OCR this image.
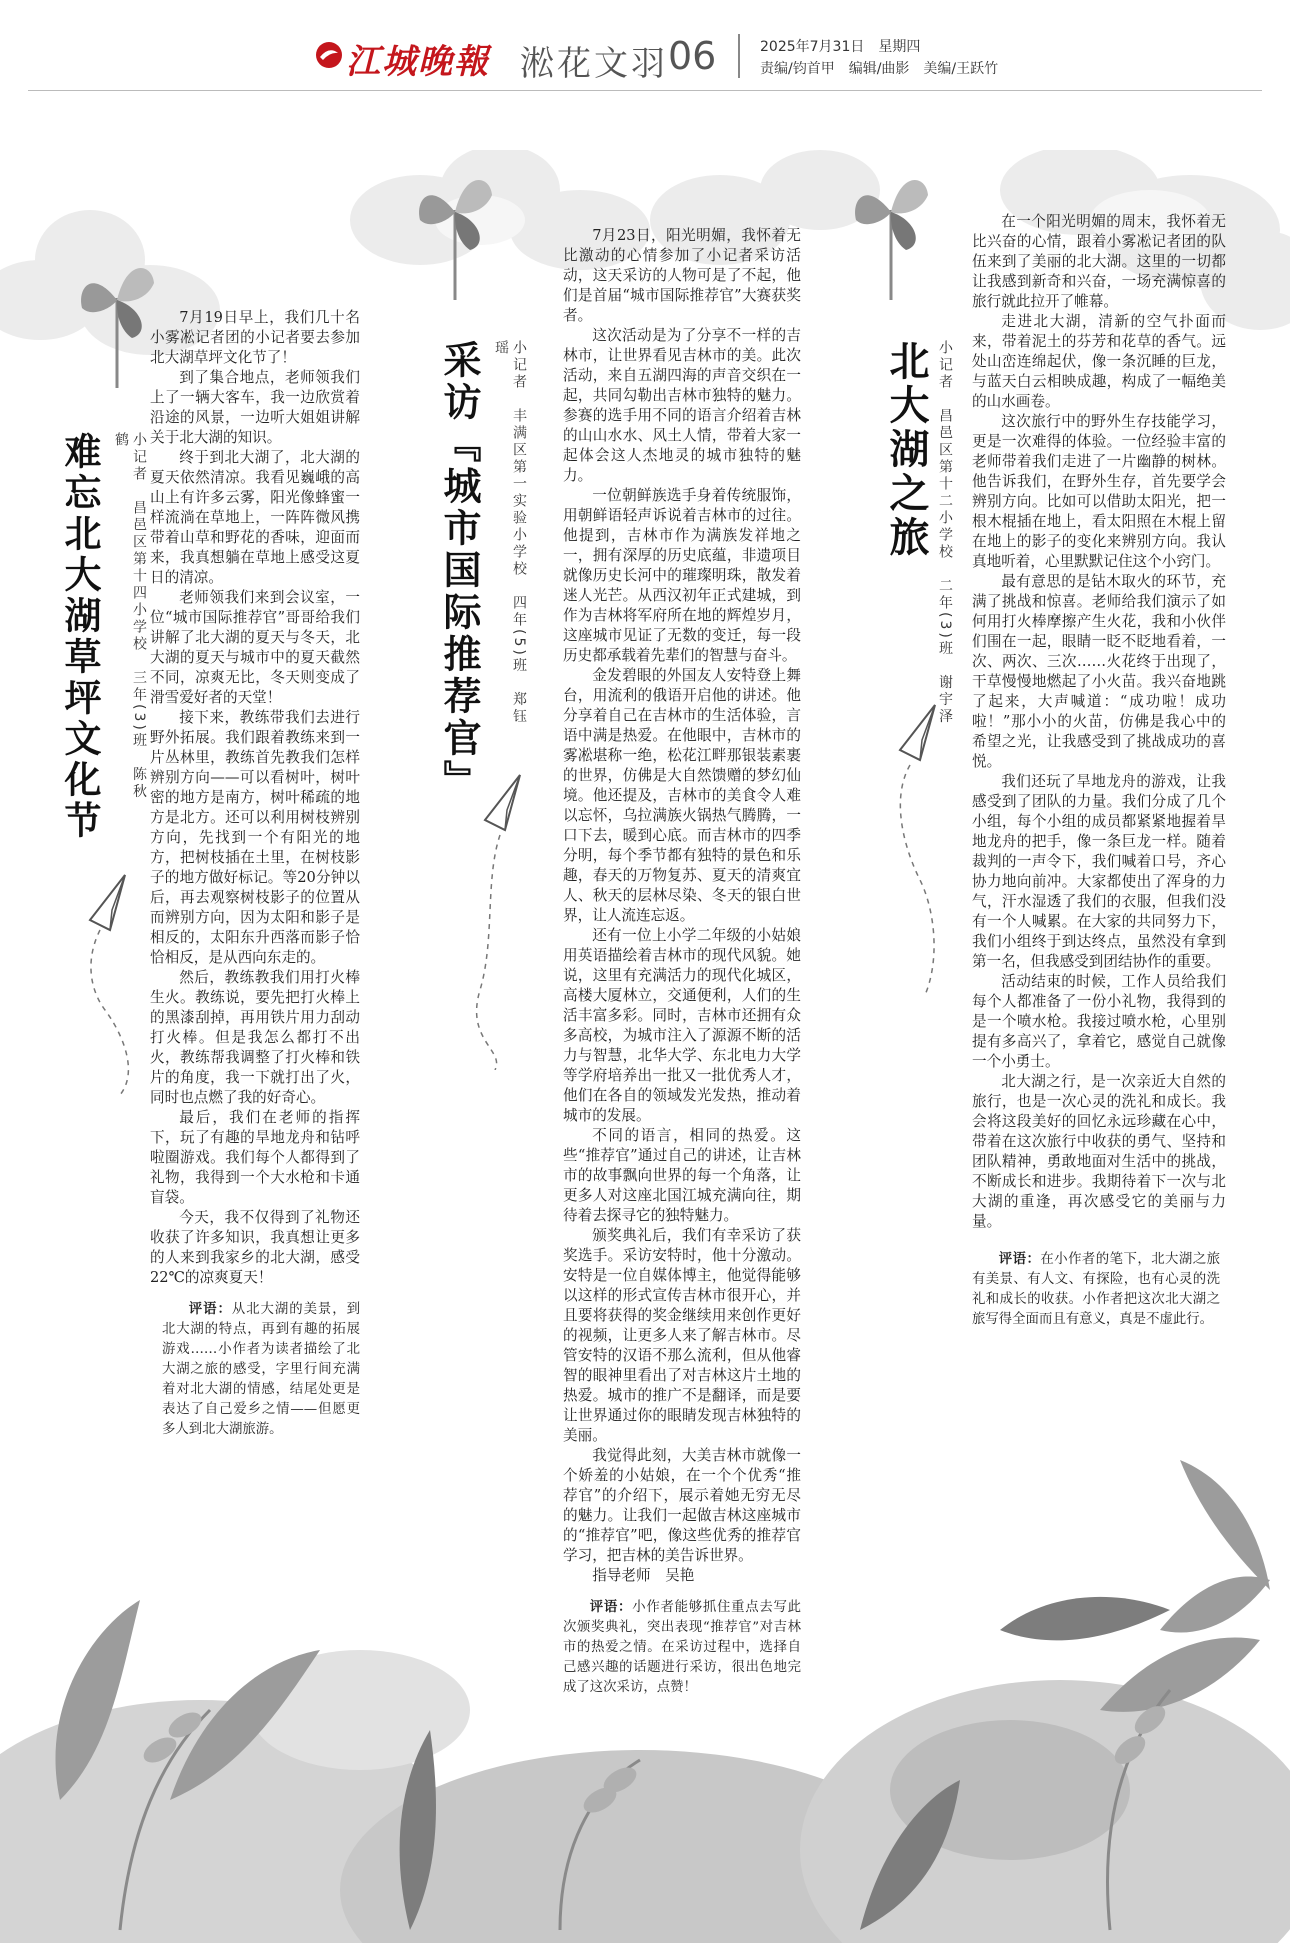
江城晚報 淞花文羽 06	2025年7月31日　星期四
责编/钧首甲　编辑/曲影　美编/王跃竹
难忘北大湖草坪文化节	小记者　昌邑区第十四小学校　三年(3)班　陈秋鹤

7月19日早上，我们几十名小雾凇记者团的小记者要去参加北大湖草坪文化节了！

到了集合地点，老师领我们上了一辆大客车，我一边欣赏着沿途的风景，一边听大姐姐讲解关于北大湖的知识。

终于到北大湖了，北大湖的夏天依然清凉。我看见巍峨的高山上有许多云雾，阳光像蜂蜜一样流淌在草地上，一阵阵微风携带着山草和野花的香味，迎面而来，我真想躺在草地上感受这夏日的清凉。

老师领我们来到会议室，一位“城市国际推荐官”哥哥给我们讲解了北大湖的夏天与冬天，北大湖的夏天与城市中的夏天截然不同，凉爽无比，冬天则变成了滑雪爱好者的天堂！

接下来，教练带我们去进行野外拓展。我们跟着教练来到一片丛林里，教练首先教我们怎样辨别方向——可以看树叶，树叶密的地方是南方，树叶稀疏的地方是北方。还可以利用树枝辨别方向，先找到一个有阳光的地方，把树枝插在土里，在树枝影子的地方做好标记。等20分钟以后，再去观察树枝影子的位置从而辨别方向，因为太阳和影子是相反的，太阳东升西落而影子恰恰相反，是从西向东走的。

然后，教练教我们用打火棒生火。教练说，要先把打火棒上的黑漆刮掉，再用铁片用力刮动打火棒。但是我怎么都打不出火，教练帮我调整了打火棒和铁片的角度，我一下就打出了火，同时也点燃了我的好奇心。

最后，我们在老师的指挥下，玩了有趣的旱地龙舟和钻呼啦圈游戏。我们每个人都得到了礼物，我得到一个大水枪和卡通盲袋。

今天，我不仅得到了礼物还收获了许多知识，我真想让更多的人来到我家乡的北大湖，感受22℃的凉爽夏天！

评语：从北大湖的美景，到北大湖的特点，再到有趣的拓展游戏……小作者为读者描绘了北大湖之旅的感受，字里行间充满着对北大湖的情感，结尾处更是表达了自己爱乡之情——但愿更多人到北大湖旅游。

采访『城市国际推荐官』	小记者　丰满区第一实验小学校　四年(5)班　郑钰瑶

7月23日，阳光明媚，我怀着无比激动的心情参加了小记者采访活动，这天采访的人物可是了不起，他们是首届“城市国际推荐官”大赛获奖者。

这次活动是为了分享不一样的吉林市，让世界看见吉林市的美。此次活动，来自五湖四海的声音交织在一起，共同勾勒出吉林市独特的魅力。参赛的选手用不同的语言介绍着吉林的山山水水、风土人情，带着大家一起体会这人杰地灵的城市独特的魅力。

一位朝鲜族选手身着传统服饰，用朝鲜语轻声诉说着吉林市的过往。他提到，吉林市作为满族发祥地之一，拥有深厚的历史底蕴，非遗项目就像历史长河中的璀璨明珠，散发着迷人光芒。从西汉初年正式建城，到作为吉林将军府所在地的辉煌岁月，这座城市见证了无数的变迁，每一段历史都承载着先辈们的智慧与奋斗。

金发碧眼的外国友人安特登上舞台，用流利的俄语开启他的讲述。他分享着自己在吉林市的生活体验，言语中满是热爱。在他眼中，吉林市的雾凇堪称一绝，松花江畔那银装素裹的世界，仿佛是大自然馈赠的梦幻仙境。他还提及，吉林市的美食令人难以忘怀，乌拉满族火锅热气腾腾，一口下去，暖到心底。而吉林市的四季分明，每个季节都有独特的景色和乐趣，春天的万物复苏、夏天的清爽宜人、秋天的层林尽染、冬天的银白世界，让人流连忘返。

还有一位上小学二年级的小姑娘用英语描绘着吉林市的现代风貌。她说，这里有充满活力的现代化城区，高楼大厦林立，交通便利，人们的生活丰富多彩。同时，吉林市还拥有众多高校，为城市注入了源源不断的活力与智慧，北华大学、东北电力大学等学府培养出一批又一批优秀人才，他们在各自的领域发光发热，推动着城市的发展。

不同的语言，相同的热爱。这些“推荐官”通过自己的讲述，让吉林市的故事飘向世界的每一个角落，让更多人对这座北国江城充满向往，期待着去探寻它的独特魅力。

颁奖典礼后，我们有幸采访了获奖选手。采访安特时，他十分激动。安特是一位自媒体博主，他觉得能够以这样的形式宣传吉林市很开心，并且要将获得的奖金继续用来创作更好的视频，让更多人来了解吉林市。尽管安特的汉语不那么流利，但从他睿智的眼神里看出了对吉林这片土地的热爱。城市的推广不是翻译，而是要让世界通过你的眼睛发现吉林独特的美丽。

我觉得此刻，大美吉林市就像一个娇羞的小姑娘，在一个个优秀“推荐官”的介绍下，展示着她无穷无尽的魅力。让我们一起做吉林这座城市的“推荐官”吧，像这些优秀的推荐官学习，把吉林的美告诉世界。

指导老师　吴艳

评语：小作者能够抓住重点去写此次颁奖典礼，突出表现“推荐官”对吉林市的热爱之情。在采访过程中，选择自己感兴趣的话题进行采访，很出色地完成了这次采访，点赞！

北大湖之旅 小记者　昌邑区第十二小学校　二年(3)班　谢宇泽

在一个阳光明媚的周末，我怀着无比兴奋的心情，跟着小雾凇记者团的队伍来到了美丽的北大湖。这里的一切都让我感到新奇和兴奋，一场充满惊喜的旅行就此拉开了帷幕。

走进北大湖，清新的空气扑面而来，带着泥土的芬芳和花草的香气。远处山峦连绵起伏，像一条沉睡的巨龙，与蓝天白云相映成趣，构成了一幅绝美的山水画卷。

这次旅行中的野外生存技能学习，更是一次难得的体验。一位经验丰富的老师带着我们走进了一片幽静的树林。他告诉我们，在野外生存，首先要学会辨别方向。比如可以借助太阳光，把一根木棍插在地上，看太阳照在木棍上留在地上的影子的变化来辨别方向。我认真地听着，心里默默记住这个小窍门。

最有意思的是钻木取火的环节，充满了挑战和惊喜。老师给我们演示了如何用打火棒摩擦产生火花，我和小伙伴们围在一起，眼睛一眨不眨地看着，一次、两次、三次……火花终于出现了，干草慢慢地燃起了小火苗。我兴奋地跳了起来，大声喊道：“成功啦！成功啦！”那小小的火苗，仿佛是我心中的希望之光，让我感受到了挑战成功的喜悦。

我们还玩了旱地龙舟的游戏，让我感受到了团队的力量。我们分成了几个小组，每个小组的成员都紧紧地握着旱地龙舟的把手，像一条巨龙一样。随着裁判的一声令下，我们喊着口号，齐心协力地向前冲。大家都使出了浑身的力气，汗水湿透了我们的衣服，但我们没有一个人喊累。在大家的共同努力下，我们小组终于到达终点，虽然没有拿到第一名，但我感受到团结协作的重要。

活动结束的时候，工作人员给我们每个人都准备了一份小礼物，我得到的是一个喷水枪。我接过喷水枪，心里别提有多高兴了，拿着它，感觉自己就像一个小勇士。

北大湖之行，是一次亲近大自然的旅行，也是一次心灵的洗礼和成长。我会将这段美好的回忆永远珍藏在心中，带着在这次旅行中收获的勇气、坚持和团队精神，勇敢地面对生活中的挑战，不断成长和进步。我期待着下一次与北大湖的重逢，再次感受它的美丽与力量。

评语：在小作者的笔下，北大湖之旅有美景、有人文、有探险，也有心灵的洗礼和成长的收获。小作者把这次北大湖之旅写得全面而且有意义，真是不虚此行。
